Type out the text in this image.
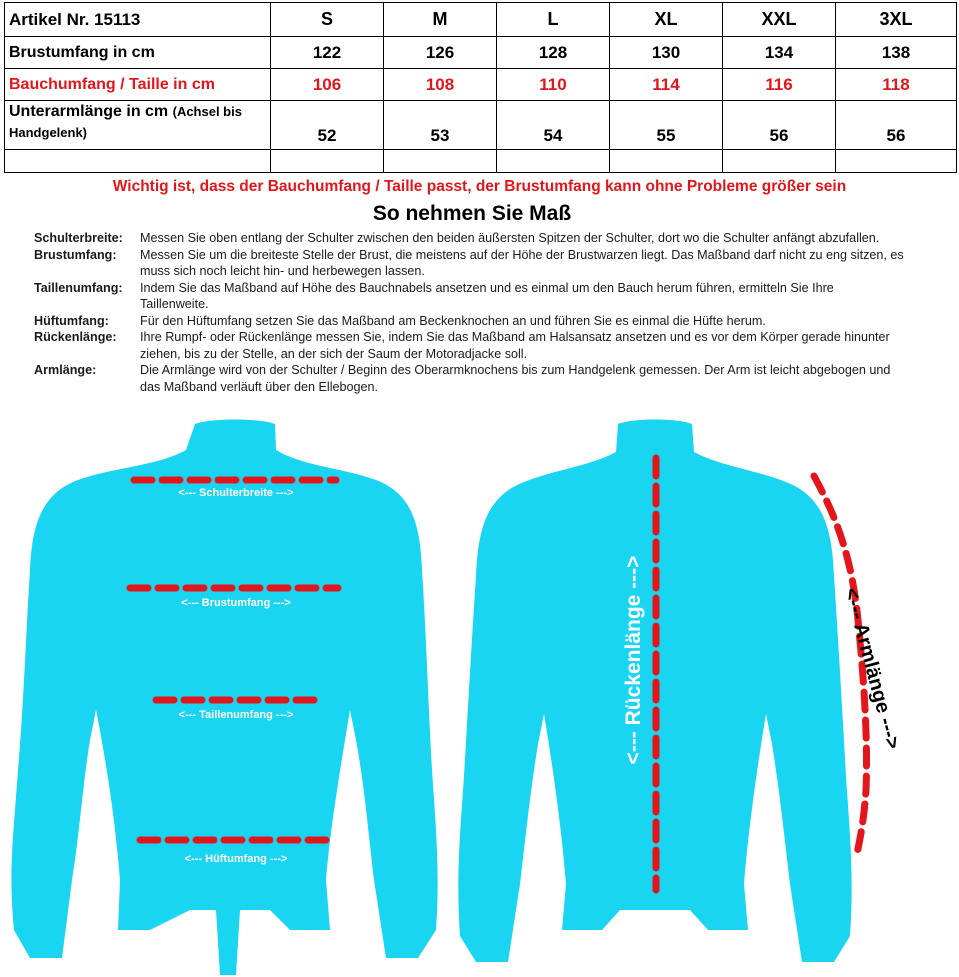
Artikel Nr. 15113	S	M	L	XL	XXL	3XL
Brustumfang in cm	122	126	128	130	134	138
Bauchumfang / Taille in cm	106	108	110	114	116	118
Unterarmlänge in cm (Achsel bis
Handgelenk)	52	53	54	55	56	56

Wichtig ist, dass der Bauchumfang / Taille passt, der Brustumfang kann ohne Probleme größer sein
So nehmen Sie Maß
Schulterbreite:	Messen Sie oben entlang der Schulter zwischen den beiden äußersten Spitzen der Schulter, dort wo die Schulter anfängt abzufallen.
Brustumfang:	Messen Sie um die breiteste Stelle der Brust, die meistens auf der Höhe der Brustwarzen liegt. Das Maßband darf nicht zu eng sitzen, es muss sich noch leicht hin- und herbewegen lassen.
Taillenumfang:	Indem Sie das Maßband auf Höhe des Bauchnabels ansetzen und es einmal um den Bauch herum führen, ermitteln Sie Ihre Taillenweite.
Hüftumfang:	Für den Hüftumfang setzen Sie das Maßband am Beckenknochen an und führen Sie es einmal die Hüfte herum.
Rückenlänge:	Ihre Rumpf- oder Rückenlänge messen Sie, indem Sie das Maßband am Halsansatz ansetzen und es vor dem Körper gerade hinunter ziehen, bis zu der Stelle, an der sich der Saum der Motoradjacke soll.
Armlänge:	Die Armlänge wird von der Schulter / Beginn des Oberarmknochens bis zum Handgelenk gemessen. Der Arm ist leicht abgebogen und das Maßband verläuft über den Ellebogen.
<--- Schulterbreite --->
<--- Brustumfang --->
<--- Taillenumfang --->
<--- Hüftumfang --->
<--- Rückenlänge --->	<--- Armlänge --->
